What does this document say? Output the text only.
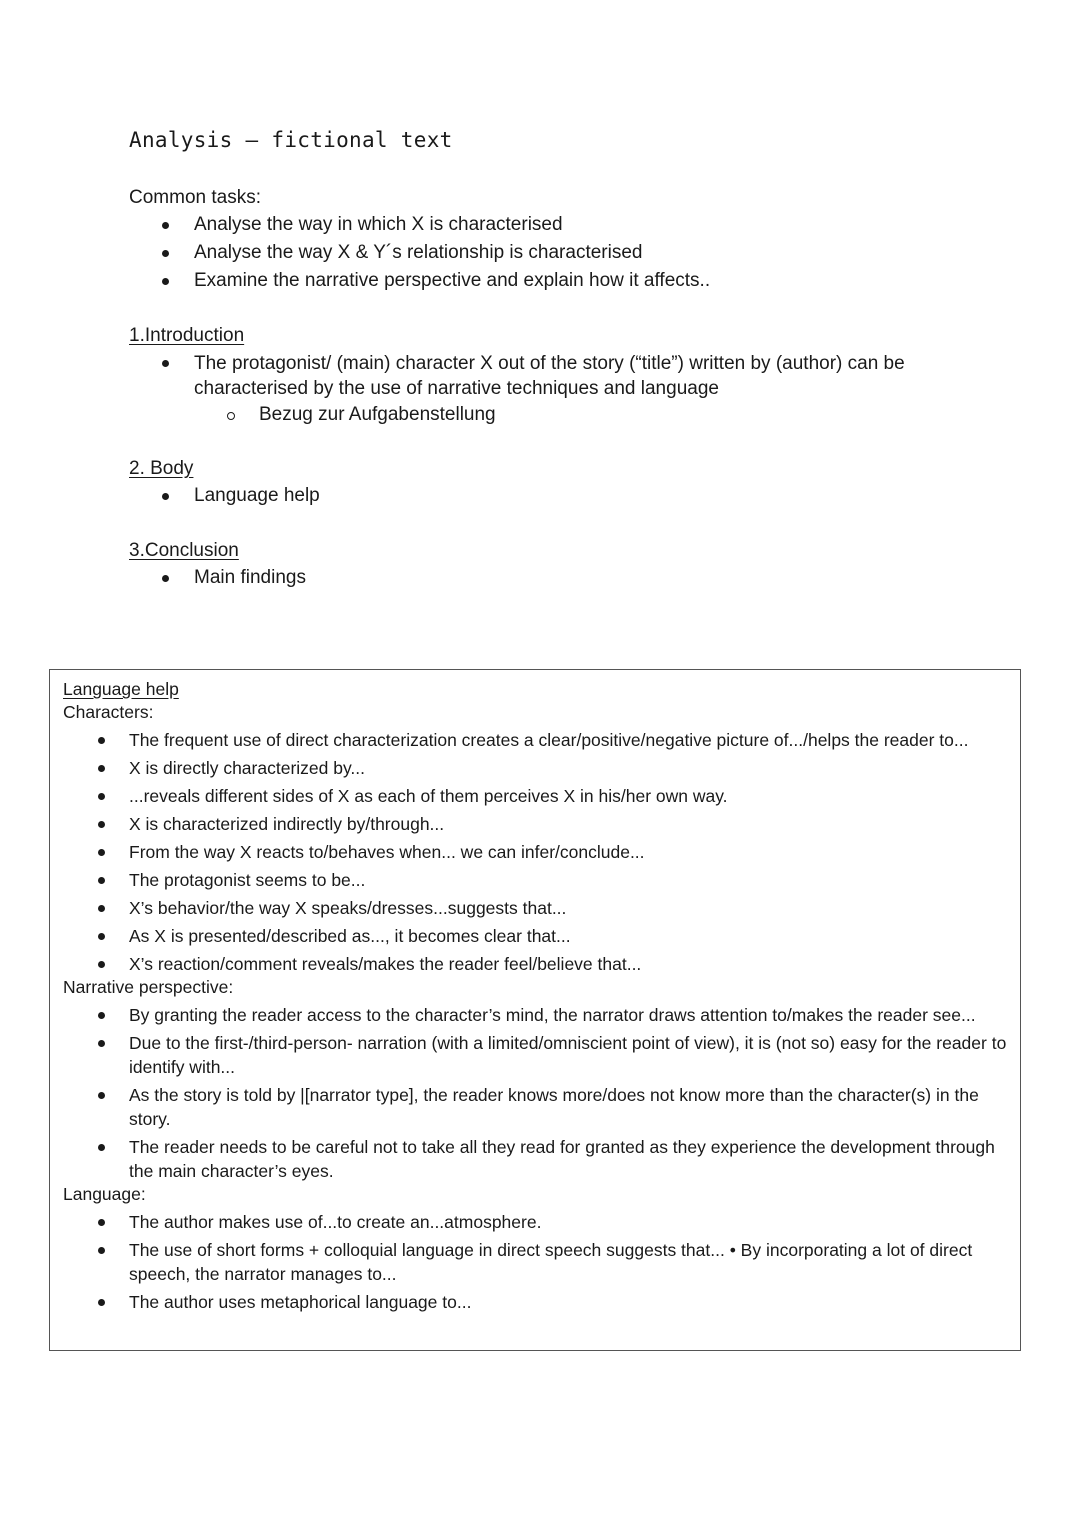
Analysis – fictional text
Common tasks:
Analyse the way in which X is characterised
Analyse the way X & Y´s relationship is characterised
Examine the narrative perspective and explain how it affects..
1.Introduction
The protagonist/ (main) character X out of the story (“title”) written by (author) can be characterised by the use of narrative techniques and language
Bezug zur Aufgabenstellung
2. Body
Language help
3.Conclusion
Main findings
Language help
Characters:
The frequent use of direct characterization creates a clear/positive/negative picture of.../helps the reader to...
X is directly characterized by...
...reveals different sides of X as each of them perceives X in his/her own way.
X is characterized indirectly by/through...
From the way X reacts to/behaves when... we can infer/conclude...
The protagonist seems to be...
X’s behavior/the way X speaks/dresses...suggests that...
As X is presented/described as..., it becomes clear that...
X’s reaction/comment reveals/makes the reader feel/believe that...
Narrative perspective:
By granting the reader access to the character’s mind, the narrator draws attention to/makes the reader see...
Due to the first-/third-person- narration (with a limited/omniscient point of view), it is (not so) easy for the reader to identify with...
As the story is told by |[narrator type], the reader knows more/does not know more than the character(s) in the story.
The reader needs to be careful not to take all they read for granted as they experience the development through the main character’s eyes.
Language:
The author makes use of...to create an...atmosphere.
The use of short forms + colloquial language in direct speech suggests that... • By incorporating a lot of direct speech, the narrator manages to...
The author uses metaphorical language to...
